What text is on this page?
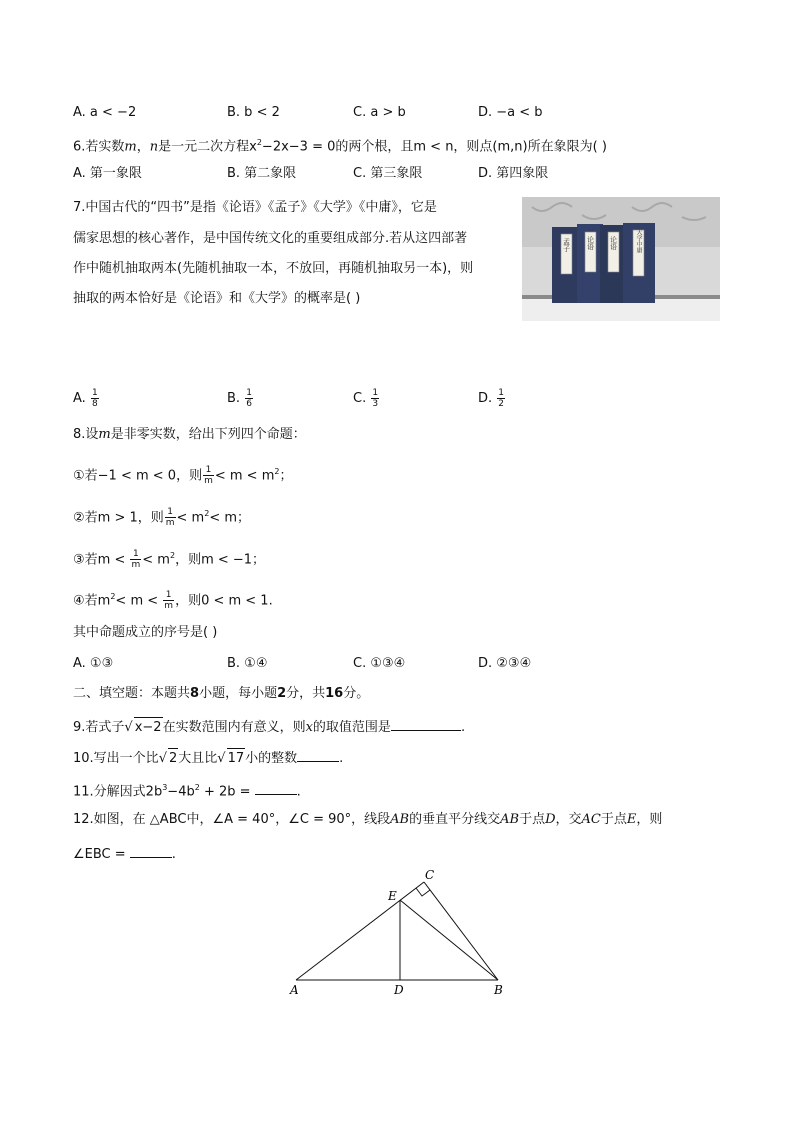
A. a < −2	B. b < 2	C. a > b	D. −a < b
6.若实数m，n是一元二次方程$x^2-2x-3 = 0$的两个根，且m < n，则点(m,n)所在象限为( )
A. 第一象限	B. 第二象限	C. 第三象限	D. 第四象限
7.中国古代的“四书”是指《论语》《孟子》《大学》《中庸》，它是
儒家思想的核心著作，是中国传统文化的重要组成部分.若从这四部著
作中随机抽取两本(先随机抽取一本，不放回，再随机抽取另一本)，则
抽取的两本恰好是《论语》和《大学》的概率是( )
孟子 论语 论语	大学中庸
A. $\frac{1}{8}$	B. $\frac{1}{6}$	C. $\frac{1}{3}$	D. $\frac{1}{2}$
8.设m是非零实数，给出下列四个命题：
①若−1 < m < 0，则 $\frac{1}{m} < m < m^2$；
②若m > 1，则 $\frac{1}{m} < m^2< m$；
③若$m < \frac{1}{m} < m^2$，则m < −1；
④若$m^2< m < \frac{1}{m}$ ，则0 < m < 1.
其中命题成立的序号是( )
A. ①③	B. ①④	C. ①③④	D. ②③④
二、填空题：本题共8小题，每小题2分，共16分。
9.若式子√ x−2在实数范围内有意义，则x的取值范围是	.
10.写出一个比√ 2大且比√ 17小的整数	.
11.分解因式$2b^3-4b^2 + 2b$ =	.
12.如图，在 △ABC中，∠A = 40°，∠C = 90°，线段AB的垂直平分线交AB于点D，交AC于点E，则
∠EBC =	.
A	D	B
E
C
